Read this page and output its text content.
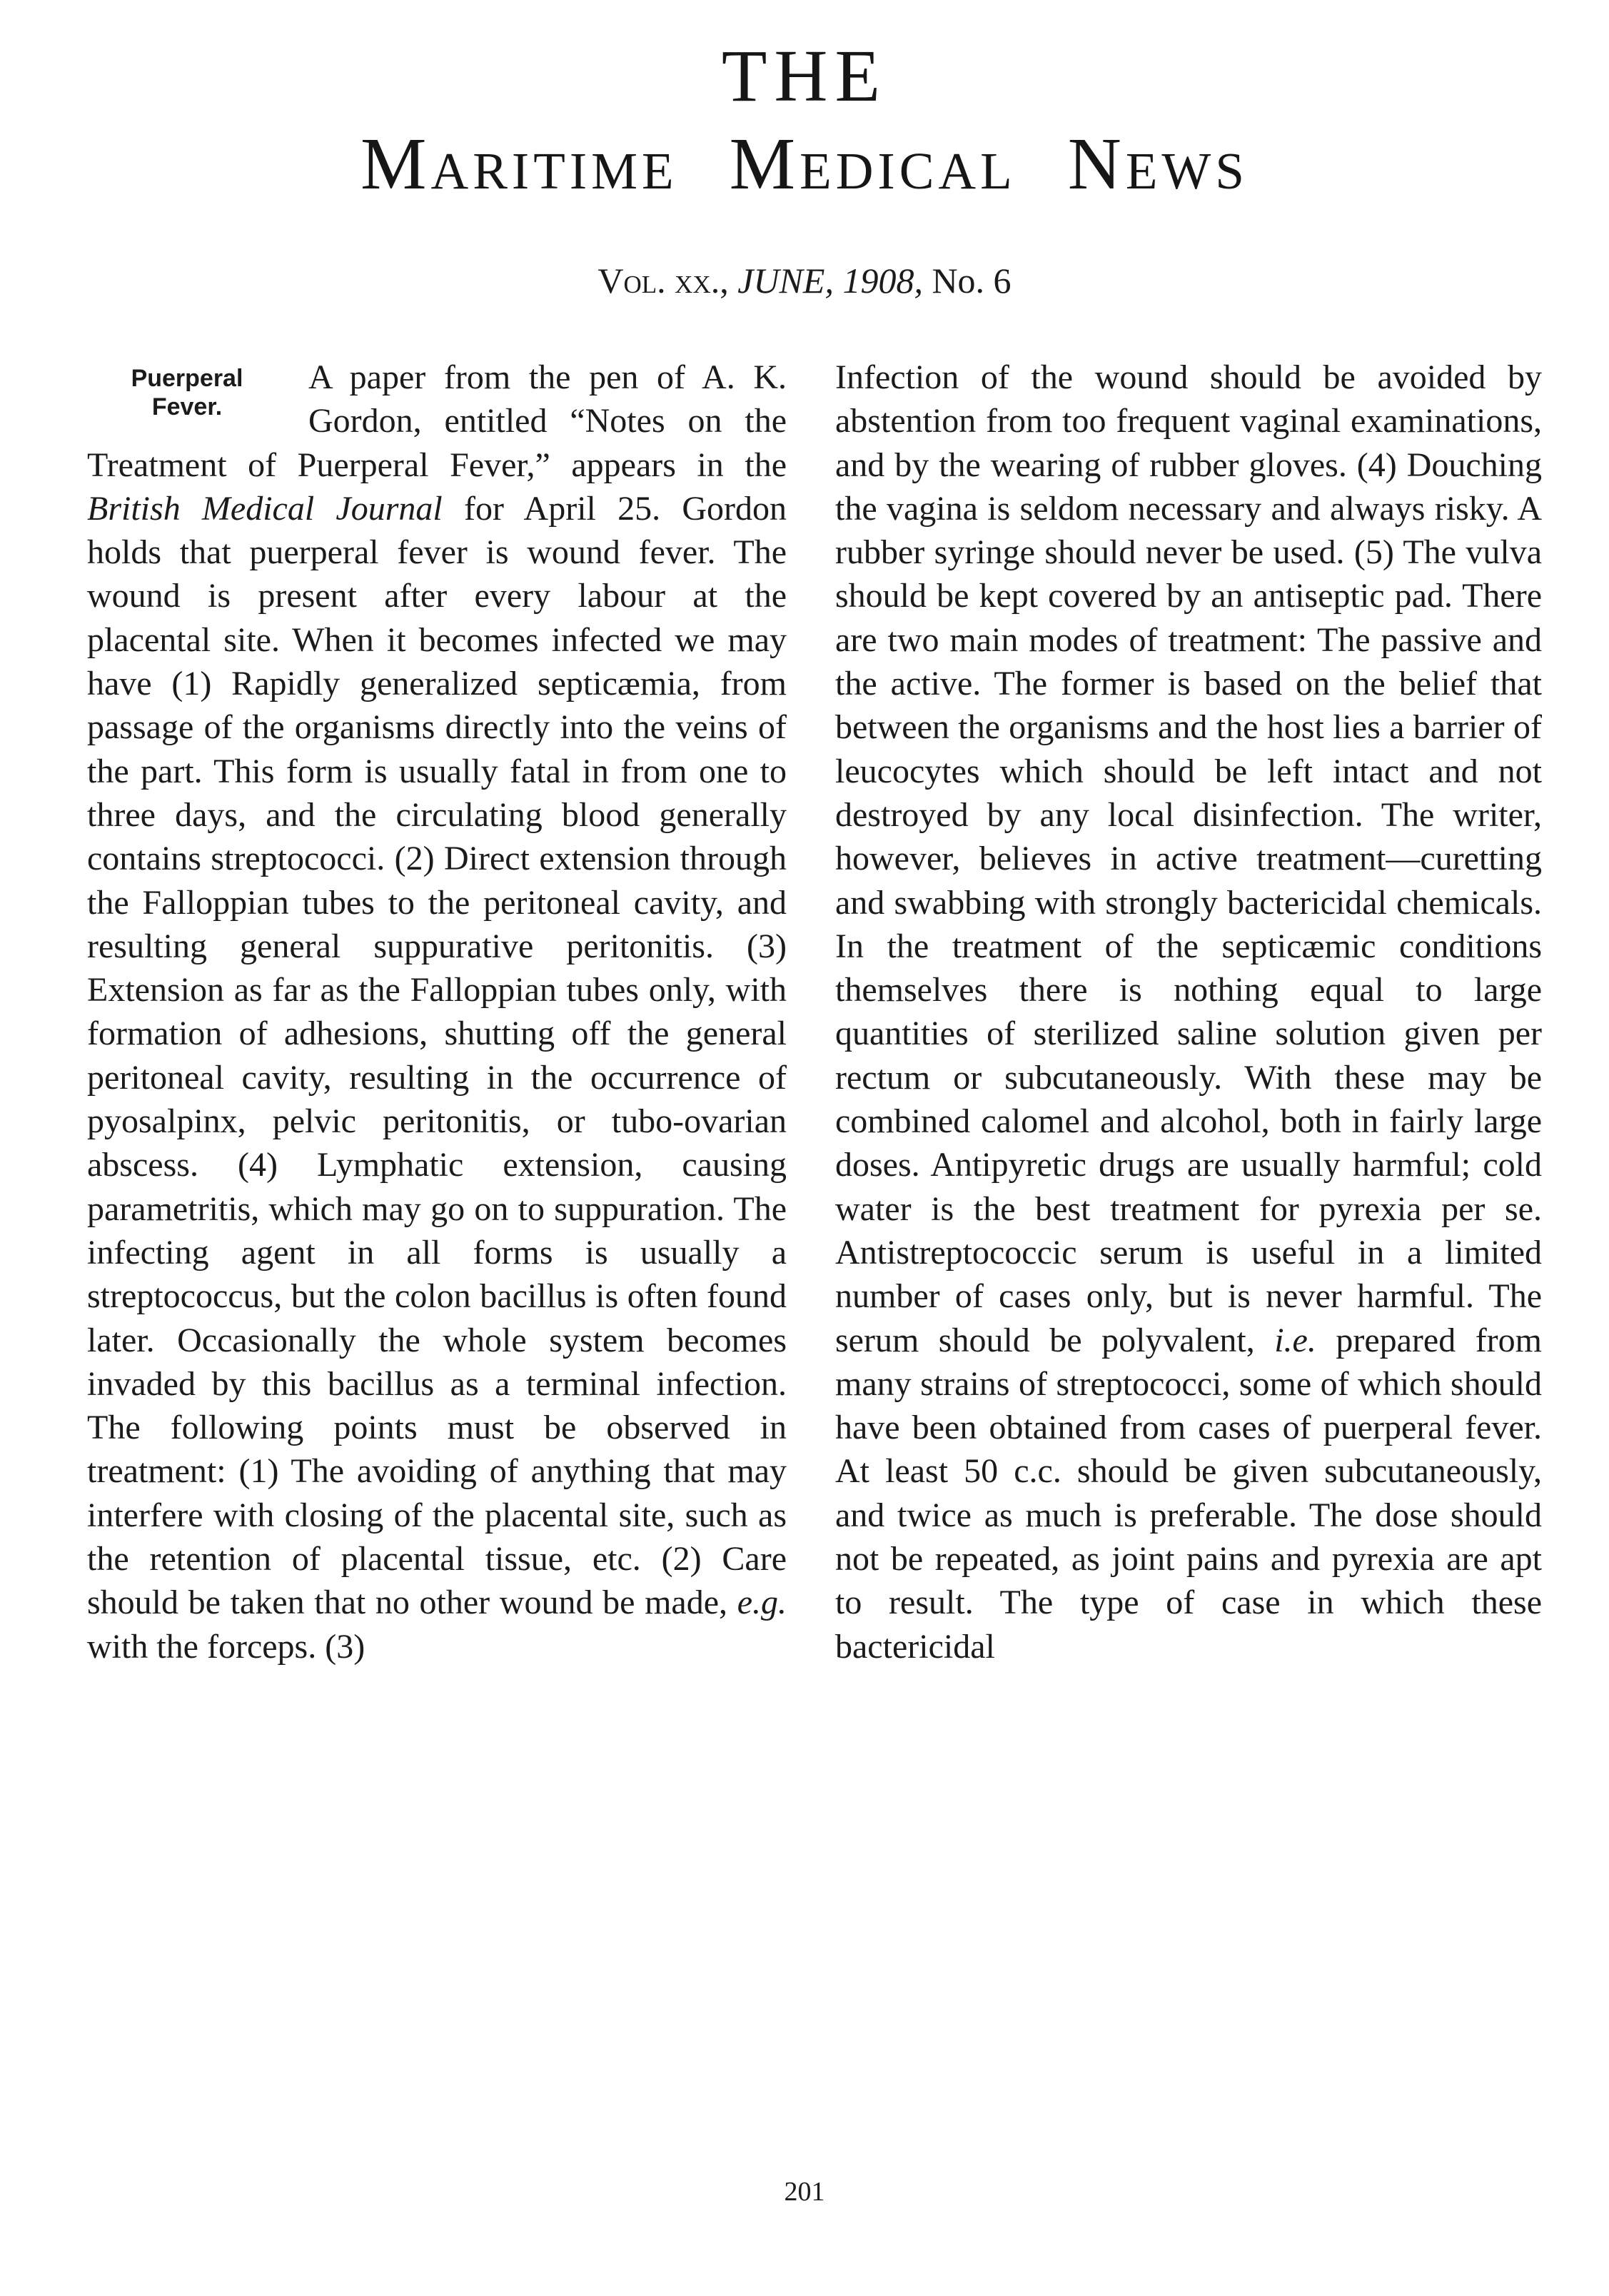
THE
Maritime Medical News
Vol. xx., JUNE, 1908, No. 6
Puerperal
Fever.

A paper from the pen of A. K. Gordon, entitled “Notes on the Treatment of Puerperal Fever,” appears in the British Medical Journal for April 25. Gordon holds that puerperal fever is wound fever. The wound is present after every labour at the placental site. When it becomes infected we may have (1) Rapidly generalized septicæmia, from passage of the organisms directly into the veins of the part. This form is usually fatal in from one to three days, and the circulating blood generally contains streptococci. (2) Direct extension through the Falloppian tubes to the peritoneal cavity, and resulting general suppurative peritonitis. (3) Extension as far as the Falloppian tubes only, with formation of adhesions, shutting off the general peritoneal cavity, resulting in the occurrence of pyosalpinx, pelvic peritonitis, or tubo-ovarian abscess. (4) Lymphatic extension, causing parametritis, which may go on to suppuration. The infecting agent in all forms is usually a streptococcus, but the colon bacillus is often found later. Occasionally the whole system becomes invaded by this bacillus as a terminal infection. The following points must be observed in treatment: (1) The avoiding of anything that may interfere with closing of the placental site, such as the retention of placental tissue, etc. (2) Care should be taken that no other wound be made, e.g. with the forceps. (3)

Infection of the wound should be avoided by abstention from too frequent vaginal examinations, and by the wearing of rubber gloves. (4) Douching the vagina is seldom necessary and always risky. A rubber syringe should never be used. (5) The vulva should be kept covered by an antiseptic pad. There are two main modes of treatment: The passive and the active. The former is based on the belief that between the organisms and the host lies a barrier of leucocytes which should be left intact and not destroyed by any local disinfection. The writer, however, believes in active treatment—curetting and swabbing with strongly bactericidal chemicals. In the treatment of the septicæmic conditions themselves there is nothing equal to large quantities of sterilized saline solution given per rectum or subcutaneously. With these may be combined calomel and alcohol, both in fairly large doses. Antipyretic drugs are usually harmful; cold water is the best treatment for pyrexia per se. Antistreptococcic serum is useful in a limited number of cases only, but is never harmful. The serum should be polyvalent, i.e. prepared from many strains of streptococci, some of which should have been obtained from cases of puerperal fever. At least 50 c.c. should be given subcutaneously, and twice as much is preferable. The dose should not be repeated, as joint pains and pyrexia are apt to result. The type of case in which these bactericidal

201
